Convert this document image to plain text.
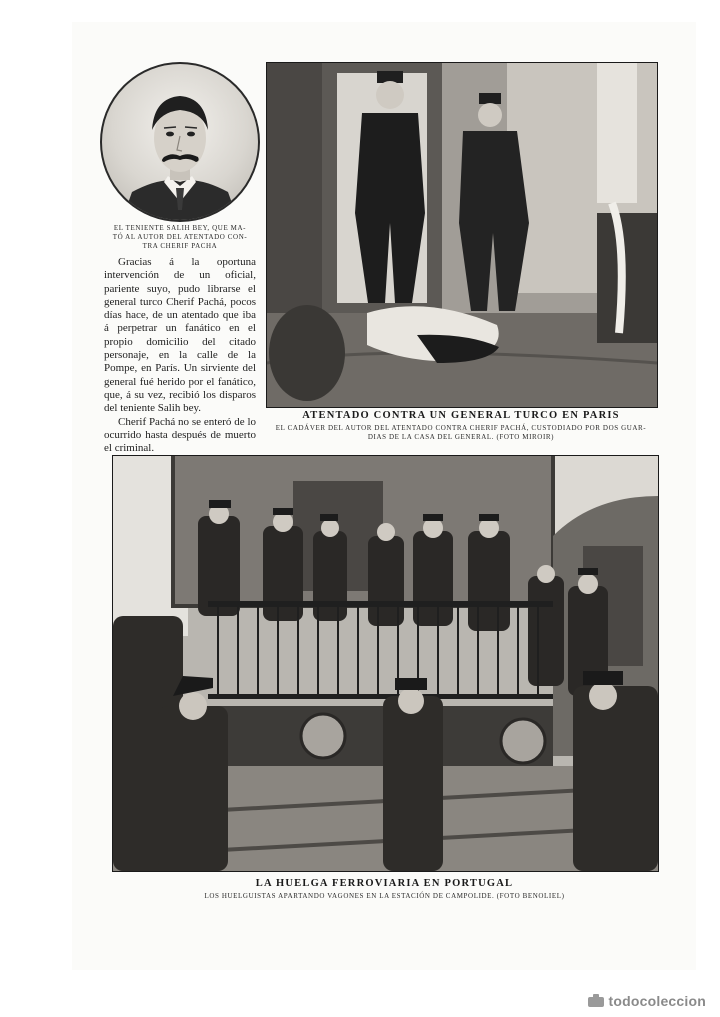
EL TENIENTE SALIH BEY, QUE MA-
TÓ AL AUTOR DEL ATENTADO CON-
TRA CHERIF PACHA

Gracias á la oportuna intervención de un oficial, pariente suyo, pudo librarse el general turco Cherif Pachá, pocos días hace, de un atentado que iba á perpetrar un fanático en el propio domicilio del citado personaje, en la calle de la Pompe, en París. Un sirviente del general fué herido por el fanático, que, á su vez, recibió los disparos del teniente Salih bey.

Cherif Pachá no se enteró de lo ocurrido hasta después de muerto el criminal.

ATENTADO CONTRA UN GENERAL TURCO EN PARIS
EL CADÁVER DEL AUTOR DEL ATENTADO CONTRA CHERIF PACHÁ, CUSTODIADO POR DOS GUAR-
DIAS DE LA CASA DEL GENERAL. (FOTO MIROIR)
LA HUELGA FERROVIARIA EN PORTUGAL
LOS HUELGUISTAS APARTANDO VAGONES EN LA ESTACIÓN DE CAMPOLIDE. (FOTO BENOLIEL)
todocoleccion
